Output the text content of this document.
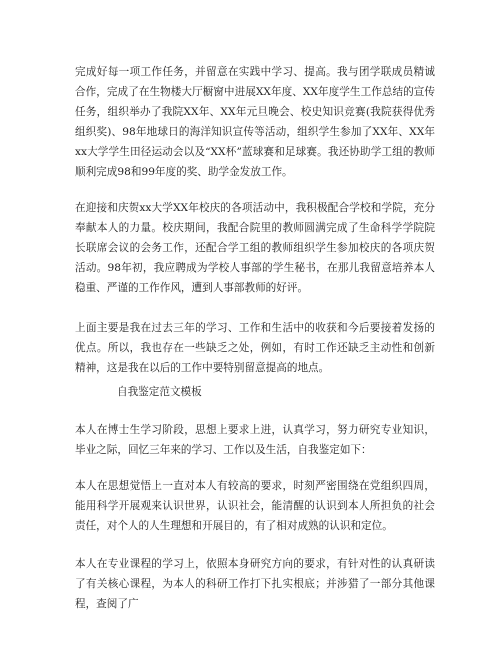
完成好每一项工作任务，并留意在实践中学习、提高。我与团学联成员精诚合作，完成了在生物楼大厅橱窗中进展XX年度、XX年度学生工作总结的宣传任务，组织举办了我院XX年、XX年元旦晚会、校史知识竞赛(我院获得优秀组织奖)、98年地球日的海洋知识宣传等活动，组织学生参加了XX年、XX年xx大学学生田径运动会以及“XX杯”蓝球赛和足球赛。我还协助学工组的教师顺利完成98和99年度的奖、助学金发放工作。

在迎接和庆贺xx大学XX年校庆的各项活动中，我积极配合学校和学院，充分奉献本人的力量。校庆期间，我配合院里的教师圆满完成了生命科学学院院长联席会议的会务工作，还配合学工组的教师组织学生参加校庆的各项庆贺活动。98年初，我应聘成为学校人事部的学生秘书，在那儿我留意培养本人稳重、严谨的工作作风，遭到人事部教师的好评。

上面主要是我在过去三年的学习、工作和生活中的收获和今后要接着发扬的优点。所以，我也存在一些缺乏之处，例如，有时工作还缺乏主动性和创新精神，这是我在以后的工作中要特别留意提高的地点。

自我鉴定范文模板

本人在博士生学习阶段，思想上要求上进，认真学习，努力研究专业知识，毕业之际，回忆三年来的学习、工作以及生活，自我鉴定如下：

本人在思想觉悟上一直对本人有较高的要求，时刻严密围绕在党组织四周，能用科学开展观来认识世界，认识社会，能清醒的认识到本人所担负的社会责任，对个人的人生理想和开展目的，有了相对成熟的认识和定位。

本人在专业课程的学习上，依照本身研究方向的要求，有针对性的认真研读了有关核心课程，为本人的科研工作打下扎实根底；并涉猎了一部分其他课程，查阅了广
